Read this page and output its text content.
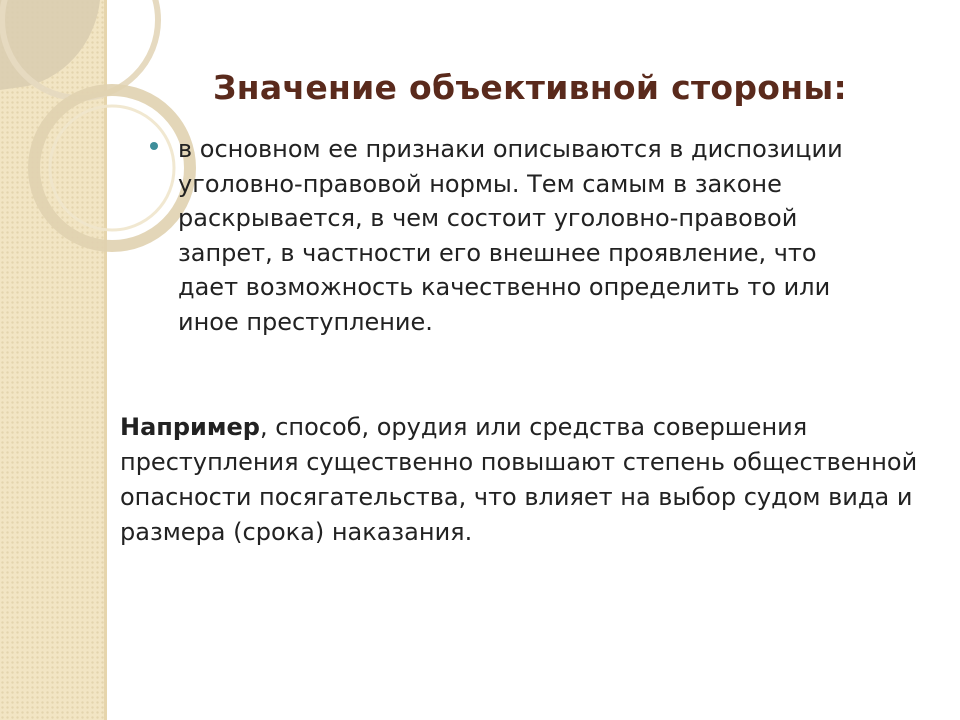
Значение объективной стороны:
в основном ее признаки описываются в диспозиции уголовно-правовой нормы. Тем самым в законе раскрывается, в чем состоит уголовно-правовой запрет, в частности его внешнее проявление, что дает возможность качественно определить то или иное преступление.
Например, способ, орудия или средства совершения преступления существенно повышают степень общественной опасности посягательства, что влияет на выбор судом вида и размера (срока) наказания.
